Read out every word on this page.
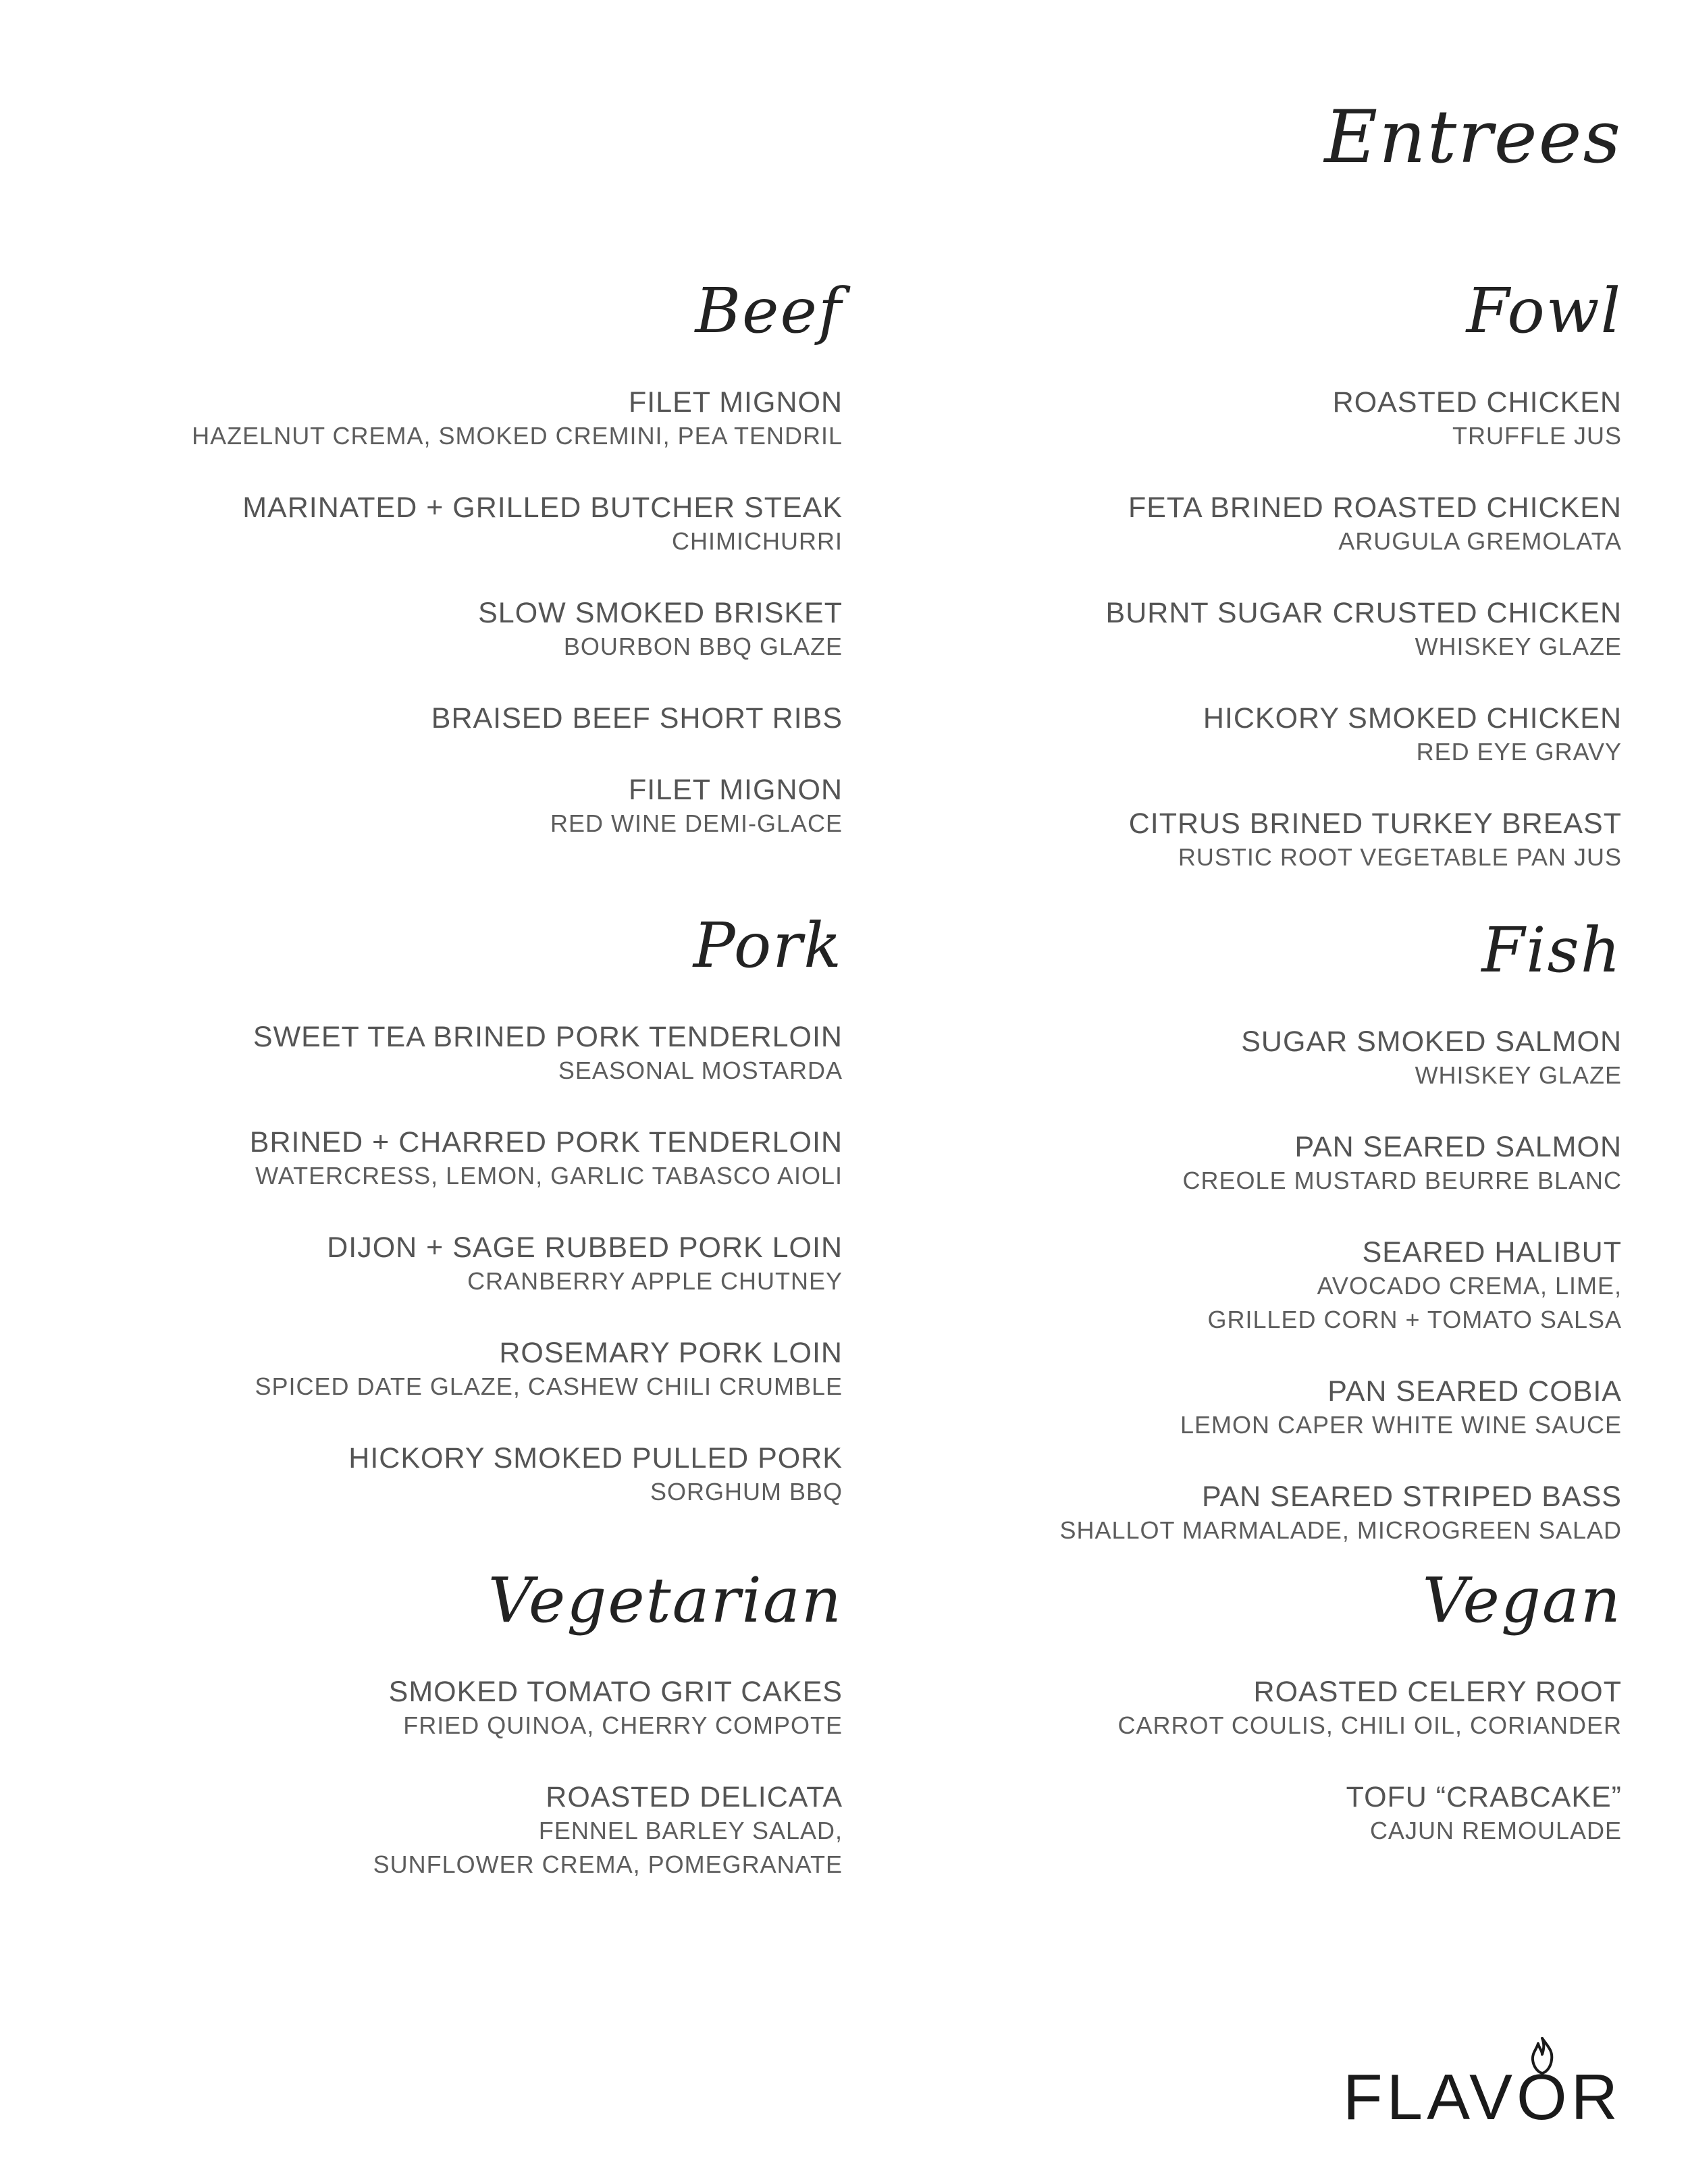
Entrees
Beef
FILET MIGNON
HAZELNUT CREMA, SMOKED CREMINI, PEA TENDRIL
MARINATED + GRILLED BUTCHER STEAK
CHIMICHURRI
SLOW SMOKED BRISKET
BOURBON BBQ GLAZE
BRAISED BEEF SHORT RIBS
FILET MIGNON
RED WINE DEMI-GLACE
Pork
SWEET TEA BRINED PORK TENDERLOIN
SEASONAL MOSTARDA
BRINED + CHARRED PORK TENDERLOIN
WATERCRESS, LEMON, GARLIC TABASCO AIOLI
DIJON + SAGE RUBBED PORK LOIN
CRANBERRY APPLE CHUTNEY
ROSEMARY PORK LOIN
SPICED DATE GLAZE, CASHEW CHILI CRUMBLE
HICKORY SMOKED PULLED PORK
SORGHUM BBQ
Vegetarian
SMOKED TOMATO GRIT CAKES
FRIED QUINOA, CHERRY COMPOTE
ROASTED DELICATA
FENNEL BARLEY SALAD,
SUNFLOWER CREMA, POMEGRANATE
Fowl
ROASTED CHICKEN
TRUFFLE JUS
FETA BRINED ROASTED CHICKEN
ARUGULA GREMOLATA
BURNT SUGAR CRUSTED CHICKEN
WHISKEY GLAZE
HICKORY SMOKED CHICKEN
RED EYE GRAVY
CITRUS BRINED TURKEY BREAST
RUSTIC ROOT VEGETABLE PAN JUS
Fish
SUGAR SMOKED SALMON
WHISKEY GLAZE
PAN SEARED SALMON
CREOLE MUSTARD BEURRE BLANC
SEARED HALIBUT
AVOCADO CREMA, LIME,
GRILLED CORN + TOMATO SALSA
PAN SEARED COBIA
LEMON CAPER WHITE WINE SAUCE
PAN SEARED STRIPED BASS
SHALLOT MARMALADE, MICROGREEN SALAD
Vegan
ROASTED CELERY ROOT
CARROT COULIS, CHILI OIL, CORIANDER
TOFU “CRABCAKE”
CAJUN REMOULADE
FLAVOR
